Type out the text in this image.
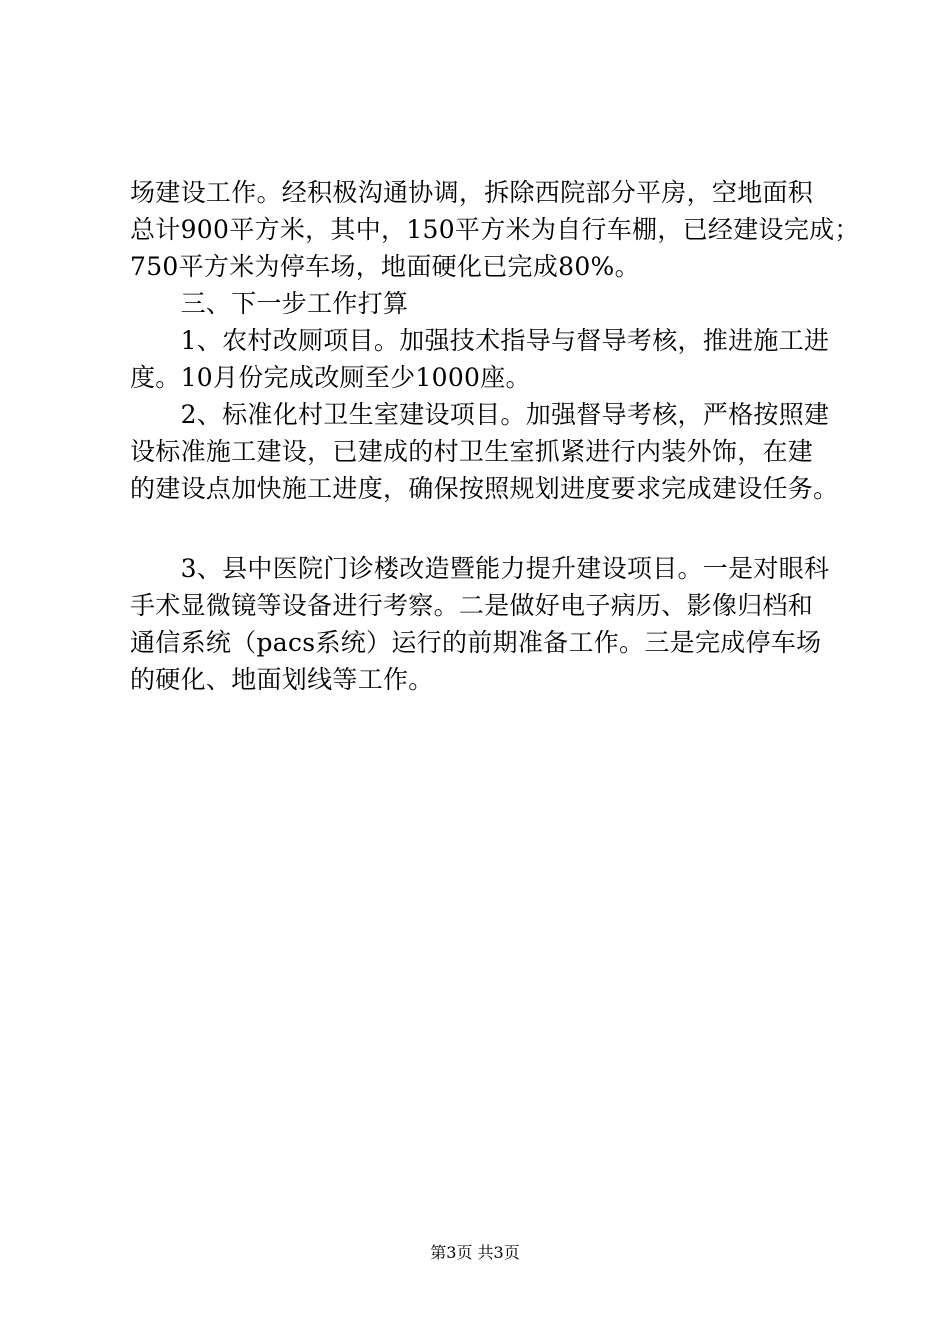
场建设工作。经积极沟通协调，拆除西院部分平房，空地面积
总计900平方米，其中，150平方米为自行车棚，已经建设完成；
750平方米为停车场，地面硬化已完成80%。
　　三、下一步工作打算
　　1、农村改厕项目。加强技术指导与督导考核，推进施工进
度。10月份完成改厕至少1000座。
　　2、标准化村卫生室建设项目。加强督导考核，严格按照建
设标准施工建设，已建成的村卫生室抓紧进行内装外饰，在建
的建设点加快施工进度，确保按照规划进度要求完成建设任务。
　　3、县中医院门诊楼改造暨能力提升建设项目。一是对眼科
手术显微镜等设备进行考察。二是做好电子病历、影像归档和
通信系统（pacs系统）运行的前期准备工作。三是完成停车场
的硬化、地面划线等工作。
第3页 共3页
